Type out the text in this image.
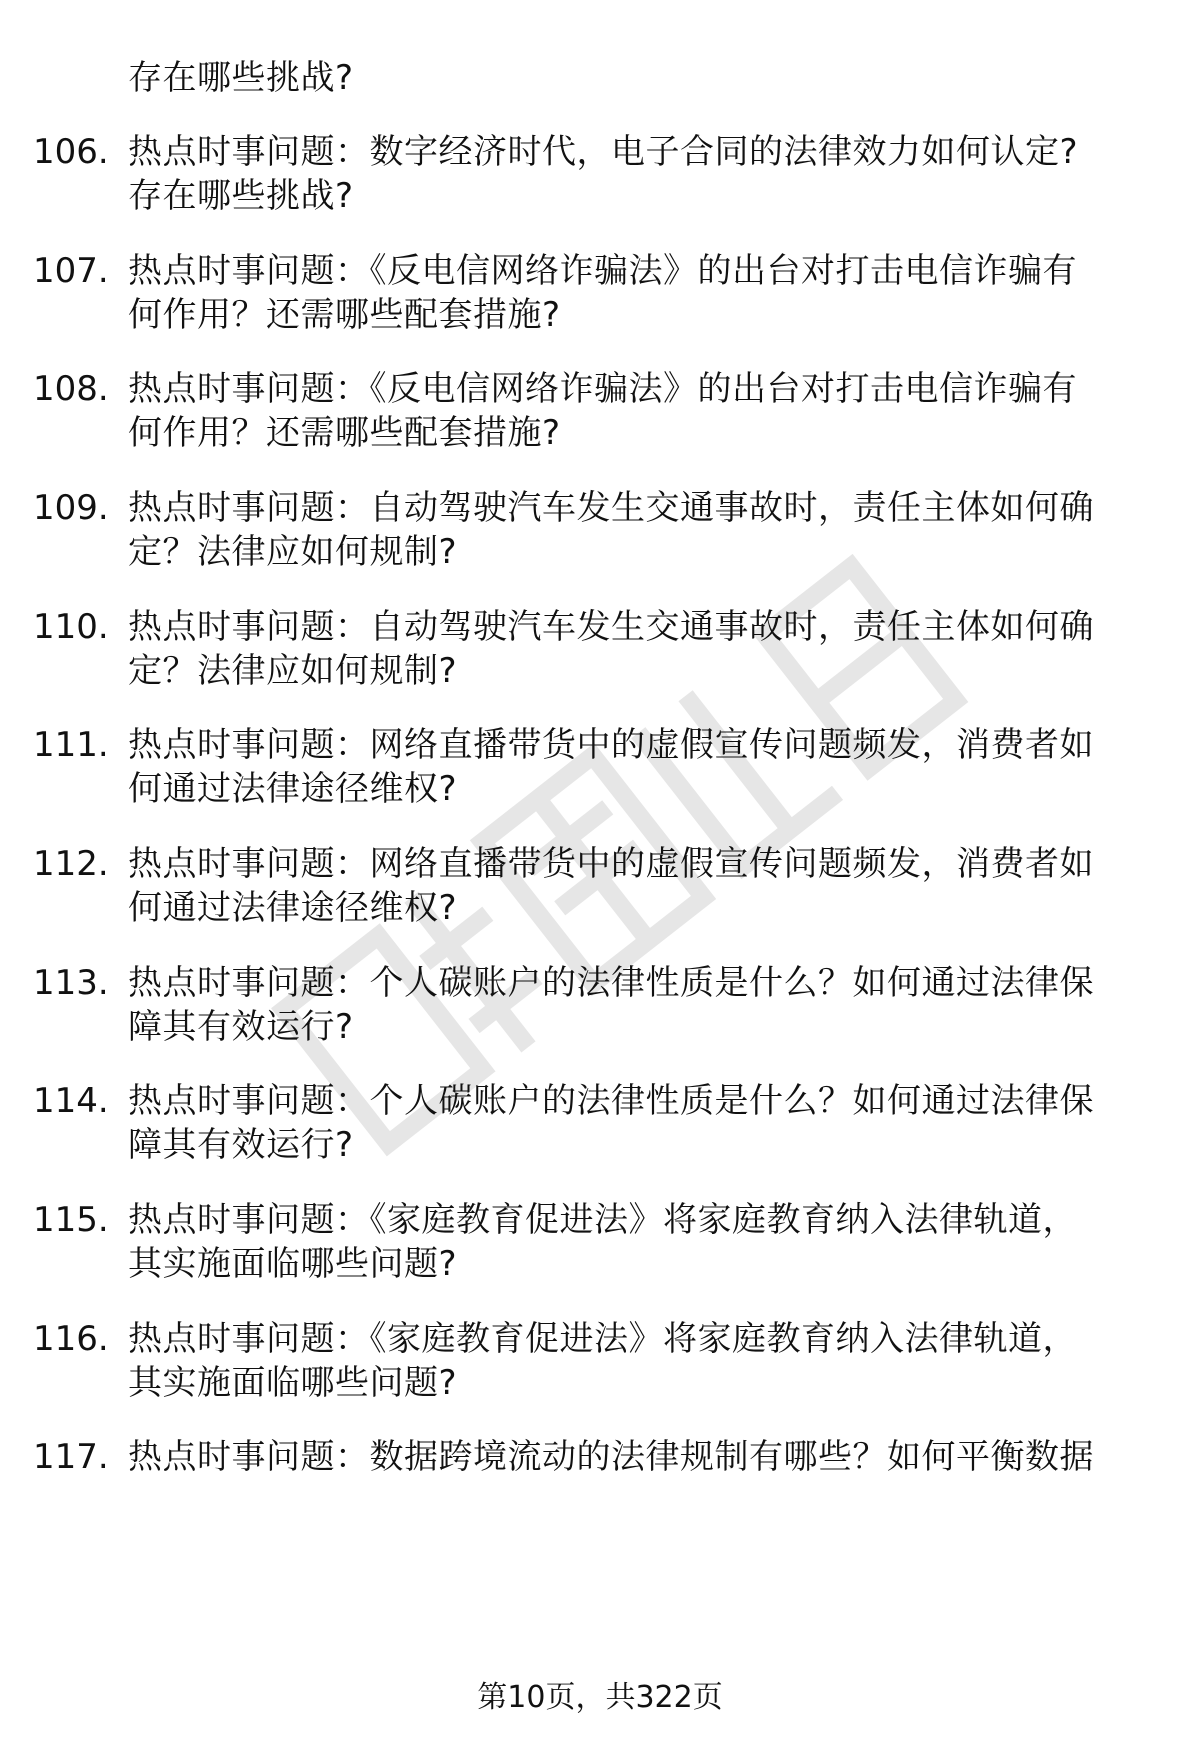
存在哪些挑战?
106. 热点时事问题：数字经济时代，电子合同的法律效力如何认定?
存在哪些挑战?
107. 热点时事问题：《反电信网络诈骗法》的出台对打击电信诈骗有
何作用？还需哪些配套措施?
108. 热点时事问题：《反电信网络诈骗法》的出台对打击电信诈骗有
何作用？还需哪些配套措施?
109. 热点时事问题：自动驾驶汽车发生交通事故时，责任主体如何确
定？法律应如何规制?
110. 热点时事问题：自动驾驶汽车发生交通事故时，责任主体如何确
定？法律应如何规制?
111. 热点时事问题：网络直播带货中的虚假宣传问题频发，消费者如
何通过法律途径维权?
112. 热点时事问题：网络直播带货中的虚假宣传问题频发，消费者如
何通过法律途径维权?
113. 热点时事问题：个人碳账户的法律性质是什么？如何通过法律保
障其有效运行?
114. 热点时事问题：个人碳账户的法律性质是什么？如何通过法律保
障其有效运行?
115. 热点时事问题：《家庭教育促进法》将家庭教育纳入法律轨道，
其实施面临哪些问题?
116. 热点时事问题：《家庭教育促进法》将家庭教育纳入法律轨道，
其实施面临哪些问题?
117. 热点时事问题：数据跨境流动的法律规制有哪些？如何平衡数据
第10页，共322页
